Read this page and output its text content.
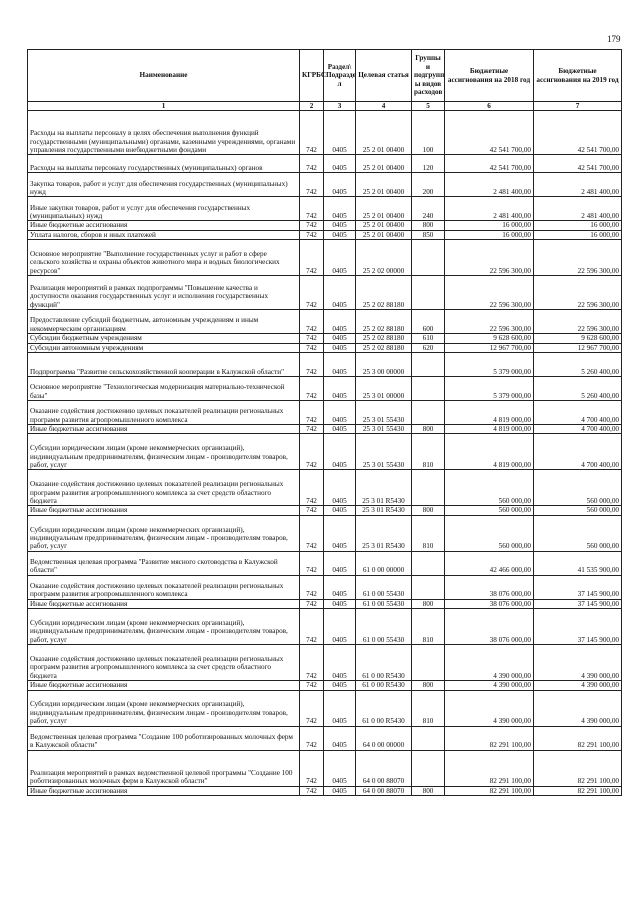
179
Наименование	КГРБС	Раздел\ Подразде л	Целевая статья	Группы и подгрупп ы видов расходов	Бюджетные ассигнования на 2018 год	Бюджетные ассигнования на 2019 год
1	2	3	4	5	6	7
Расходы на выплаты персоналу в целях обеспечения выполнения функций государственными (муниципальными) органами, казенными учреждениями, органами управления государственными внебюджетными фондами	742	0405	25 2 01 00400	100	42 541 700,00	42 541 700,00
Расходы на выплаты персоналу государственных (муниципальных) органов	742	0405	25 2 01 00400	120	42 541 700,00	42 541 700,00
Закупка товаров, работ и услуг для обеспечения государственных (муниципальных) нужд	742	0405	25 2 01 00400	200	2 481 400,00	2 481 400,00
Иные закупки товаров, работ и услуг для обеспечения государственных (муниципальных) нужд	742	0405	25 2 01 00400	240	2 481 400,00	2 481 400,00
Иные бюджетные ассигнования	742	0405	25 2 01 00400	800	16 000,00	16 000,00
Уплата налогов, сборов и иных платежей	742	0405	25 2 01 00400	850	16 000,00	16 000,00
Основное мероприятие "Выполнение государственных услуг и работ в сфере сельского хозяйства и охраны объектов животного мира и водных биологических ресурсов"	742	0405	25 2 02 00000		22 596 300,00	22 596 300,00
Реализация мероприятий в рамках подпрограммы "Повышение качества и доступности оказания государственных услуг и исполнения государственных функций"	742	0405	25 2 02 88180		22 596 300,00	22 596 300,00
Предоставление субсидий бюджетным, автономным учреждениям и иным некоммерческим организациям	742	0405	25 2 02 88180	600	22 596 300,00	22 596 300,00
Субсидии бюджетным учреждениям	742	0405	25 2 02 88180	610	9 628 600,00	9 628 600,00
Субсидии автономным учреждениям	742	0405	25 2 02 88180	620	12 967 700,00	12 967 700,00
Подпрограмма "Развитие сельскохозяйственной кооперации в Калужской области"	742	0405	25 3 00 00000		5 379 000,00	5 260 400,00
Основное мероприятие "Технологическая модернизация материально-технической базы"	742	0405	25 3 01 00000		5 379 000,00	5 260 400,00
Оказание содействия достижению целевых показателей реализации региональных программ развития агропромышленного комплекса	742	0405	25 3 01 55430		4 819 000,00	4 700 400,00
Иные бюджетные ассигнования	742	0405	25 3 01 55430	800	4 819 000,00	4 700 400,00
Субсидии юридическим лицам (кроме некоммерческих организаций), индивидуальным предпринимателям, физическим лицам - производителям товаров, работ, услуг	742	0405	25 3 01 55430	810	4 819 000,00	4 700 400,00
Оказание содействия достижению целевых показателей реализации региональных программ развития агропромышленного комплекса за счет средств областного бюджета	742	0405	25 3 01 R5430		560 000,00	560 000,00
Иные бюджетные ассигнования	742	0405	25 3 01 R5430	800	560 000,00	560 000,00
Субсидии юридическим лицам (кроме некоммерческих организаций), индивидуальным предпринимателям, физическим лицам - производителям товаров, работ, услуг	742	0405	25 3 01 R5430	810	560 000,00	560 000,00
Ведомственная целевая программа "Развитие мясного скотоводства в Калужской области"	742	0405	61 0 00 00000		42 466 000,00	41 535 900,00
Оказание содействия достижению целевых показателей реализации региональных программ развития агропромышленного комплекса	742	0405	61 0 00 55430		38 076 000,00	37 145 900,00
Иные бюджетные ассигнования	742	0405	61 0 00 55430	800	38 076 000,00	37 145 900,00
Субсидии юридическим лицам (кроме некоммерческих организаций), индивидуальным предпринимателям, физическим лицам - производителям товаров, работ, услуг	742	0405	61 0 00 55430	810	38 076 000,00	37 145 900,00
Оказание содействия достижению целевых показателей реализации региональных программ развития агропромышленного комплекса за счет средств областного бюджета	742	0405	61 0 00 R5430		4 390 000,00	4 390 000,00
Иные бюджетные ассигнования	742	0405	61 0 00 R5430	800	4 390 000,00	4 390 000,00
Субсидии юридическим лицам (кроме некоммерческих организаций), индивидуальным предпринимателям, физическим лицам - производителям товаров, работ, услуг	742	0405	61 0 00 R5430	810	4 390 000,00	4 390 000,00
Ведомственная целевая программа "Создание 100 роботизированных молочных ферм в Калужской области"	742	0405	64 0 00 00000		82 291 100,00	82 291 100,00
Реализация мероприятий в рамках ведомственной целевой программы "Создание 100 роботизированных молочных ферм в Калужской области"	742	0405	64 0 00 88070		82 291 100,00	82 291 100,00
Иные бюджетные ассигнования	742	0405	64 0 00 88070	800	82 291 100,00	82 291 100,00
